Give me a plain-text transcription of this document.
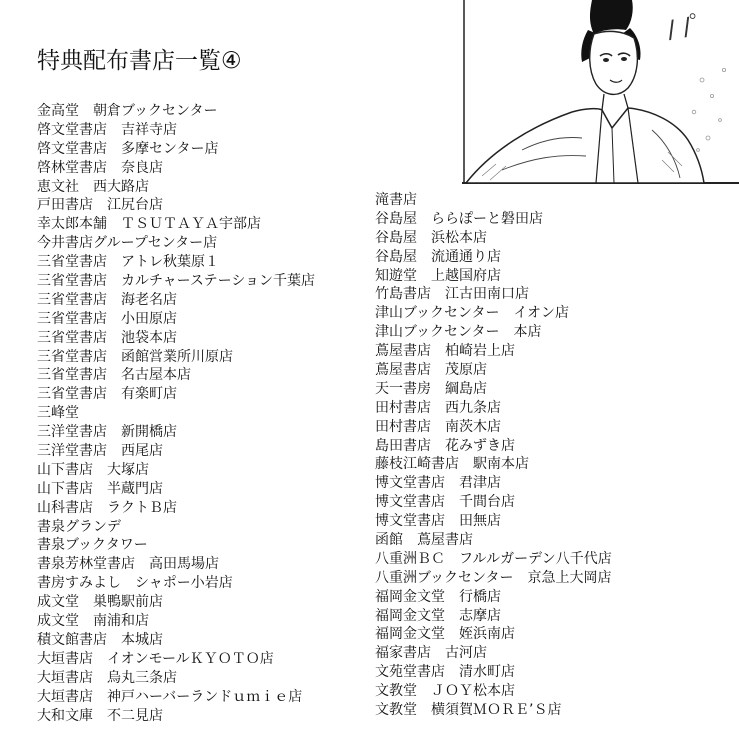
特典配布書店一覧④
金高堂　朝倉ブックセンター
啓文堂書店　吉祥寺店
啓文堂書店　多摩センター店
啓林堂書店　奈良店
恵文社　西大路店
戸田書店　江尻台店
幸太郎本舗　ＴＳＵＴＡＹＡ宇部店
今井書店グループセンター店
三省堂書店　アトレ秋葉原１
三省堂書店　カルチャーステーション千葉店
三省堂書店　海老名店
三省堂書店　小田原店
三省堂書店　池袋本店
三省堂書店　函館営業所川原店
三省堂書店　名古屋本店
三省堂書店　有楽町店
三峰堂
三洋堂書店　新開橋店
三洋堂書店　西尾店
山下書店　大塚店
山下書店　半蔵門店
山科書店　ラクトＢ店
書泉グランデ
書泉ブックタワー
書泉芳林堂書店　高田馬場店
書房すみよし　シャポー小岩店
成文堂　巣鴨駅前店
成文堂　南浦和店
積文館書店　本城店
大垣書店　イオンモールＫＹＯＴＯ店
大垣書店　烏丸三条店
大垣書店　神戸ハーバーランドｕｍｉｅ店
大和文庫　不二見店
滝書店
谷島屋　ららぽーと磐田店
谷島屋　浜松本店
谷島屋　流通通り店
知遊堂　上越国府店
竹島書店　江古田南口店
津山ブックセンター　イオン店
津山ブックセンター　本店
蔦屋書店　柏崎岩上店
蔦屋書店　茂原店
天一書房　綱島店
田村書店　西九条店
田村書店　南茨木店
島田書店　花みずき店
藤枝江崎書店　駅南本店
博文堂書店　君津店
博文堂書店　千間台店
博文堂書店　田無店
函館　蔦屋書店
八重洲ＢＣ　フルルガーデン八千代店
八重洲ブックセンター　京急上大岡店
福岡金文堂　行橋店
福岡金文堂　志摩店
福岡金文堂　姪浜南店
福家書店　古河店
文苑堂書店　清水町店
文教堂　ＪＯＹ松本店
文教堂　横須賀ＭＯＲＥ’Ｓ店
/ /゜
